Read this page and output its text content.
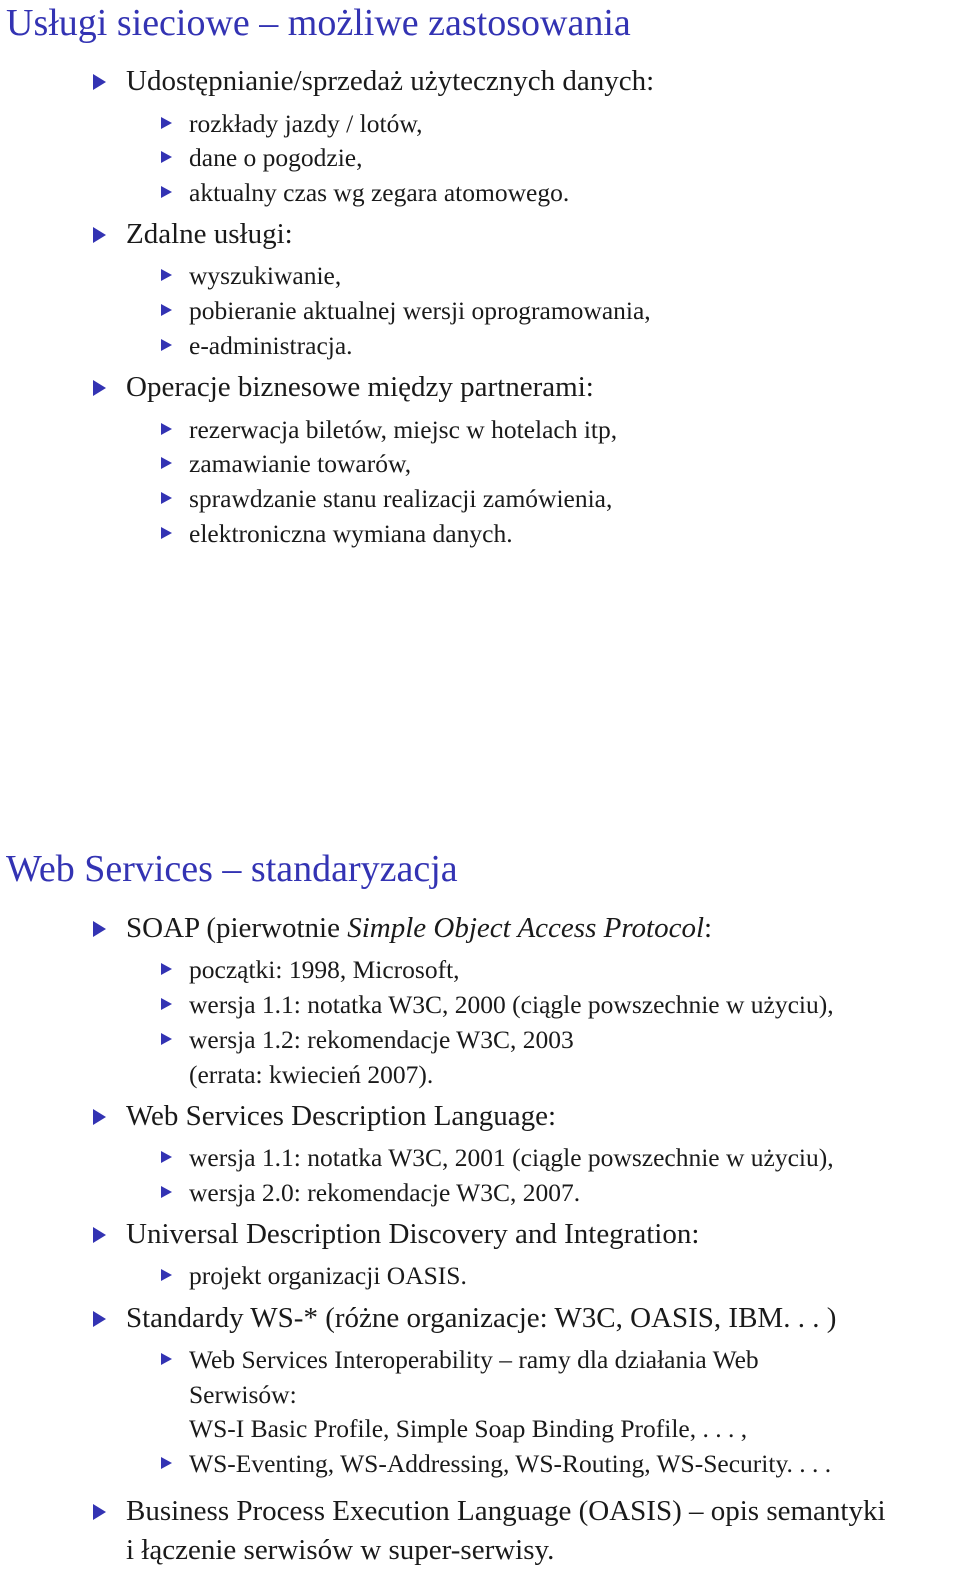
Usługi sieciowe – możliwe zastosowania

Udostępnianie/sprzedaż użytecznych danych:

rozkłady jazdy / lotów,

dane o pogodzie,

aktualny czas wg zegara atomowego.

Zdalne usługi:

wyszukiwanie,

pobieranie aktualnej wersji oprogramowania,

e-administracja.

Operacje biznesowe między partnerami:

rezerwacja biletów, miejsc w hotelach itp,

zamawianie towarów,

sprawdzanie stanu realizacji zamówienia,

elektroniczna wymiana danych.

Web Services – standaryzacja

SOAP (pierwotnie Simple Object Access Protocol:

początki: 1998, Microsoft,

wersja 1.1: notatka W3C, 2000 (ciągle powszechnie w użyciu),

wersja 1.2: rekomendacje W3C, 2003

(errata: kwiecień 2007).

Web Services Description Language:

wersja 1.1: notatka W3C, 2001 (ciągle powszechnie w użyciu),

wersja 2.0: rekomendacje W3C, 2007.

Universal Description Discovery and Integration:

projekt organizacji OASIS.

Standardy WS-* (różne organizacje: W3C, OASIS, IBM. . . )

Web Services Interoperability – ramy dla działania Web

Serwisów:

WS-I Basic Profile, Simple Soap Binding Profile, . . . ,

WS-Eventing, WS-Addressing, WS-Routing, WS-Security. . . .

Business Process Execution Language (OASIS) – opis semantyki

i łączenie serwisów w super-serwisy.
